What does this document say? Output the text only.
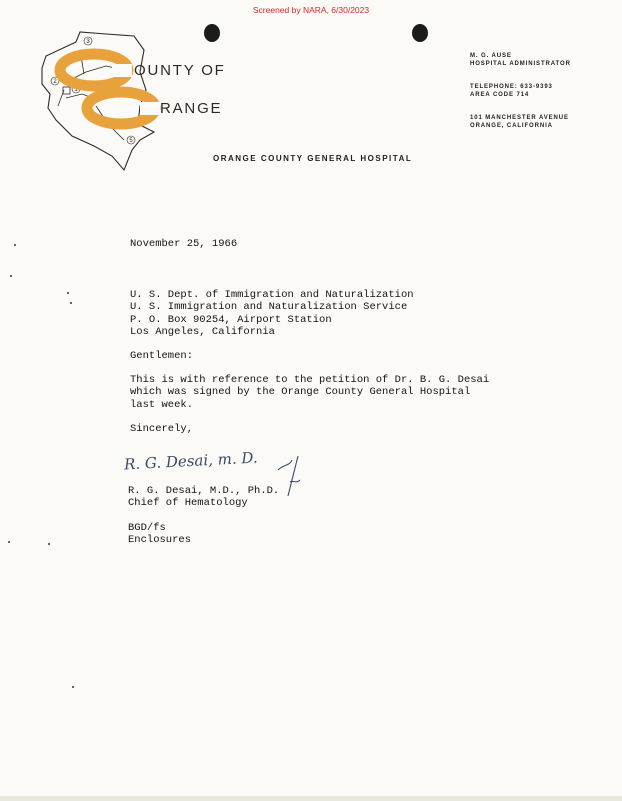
Screened by NARA, 6/30/2023
3
4
2
1
5
OUNTY OF
RANGE
ORANGE COUNTY GENERAL HOSPITAL
M. G. AUSE
HOSPITAL ADMINISTRATOR
TELEPHONE: 633-9393
AREA CODE 714
101 MANCHESTER AVENUE
ORANGE, CALIFORNIA
November 25, 1966
U. S. Dept. of Immigration and Naturalization
U. S. Immigration and Naturalization Service
P. O. Box 90254, Airport Station
Los Angeles, California
Gentlemen:
This is with reference to the petition of Dr. B. G. Desai
which was signed by the Orange County General Hospital
last week.
Sincerely,
R. G. Desai, m. D.
R. G. Desai, M.D., Ph.D.
Chief of Hematology
BGD/fs
Enclosures
